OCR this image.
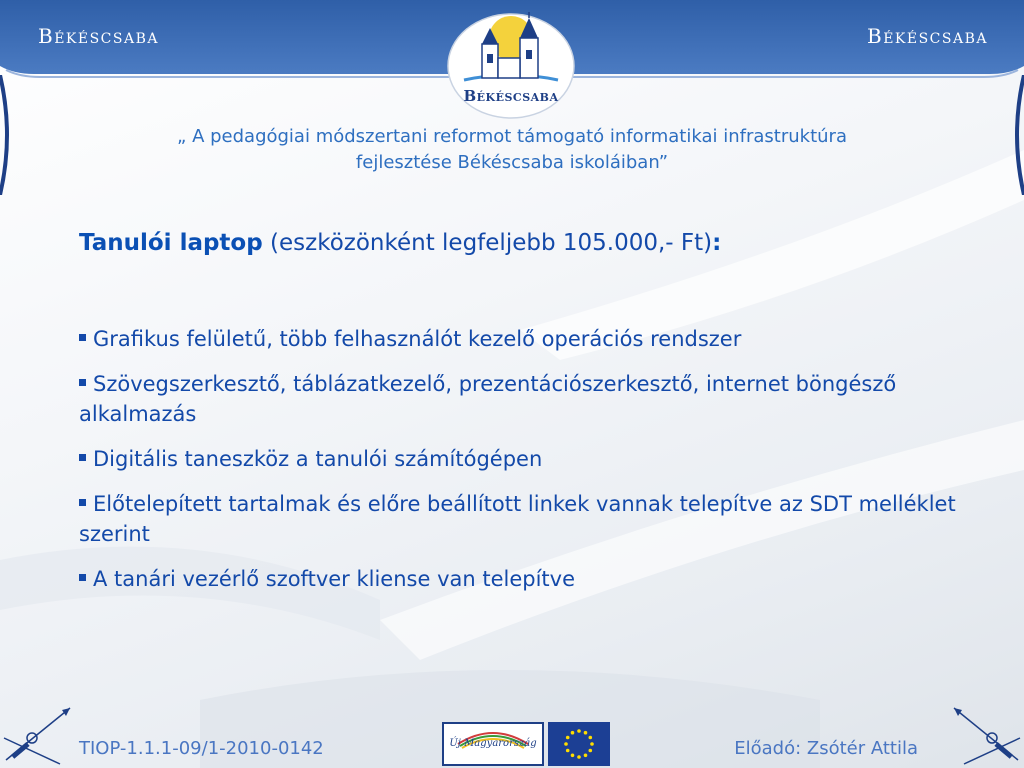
Békéscsaba	Békéscsaba
Békéscsaba
„ A pedagógiai módszertani reformot támogató informatikai infrastruktúra
fejlesztése Békéscsaba iskoláiban”
Tanulói laptop (eszközönként legfeljebb 105.000,- Ft):
Grafikus felületű, több felhasználót kezelő operációs rendszer
Szövegszerkesztő, táblázatkezelő, prezentációszerkesztő, internet böngésző alkalmazás
Digitális taneszköz a tanulói számítógépen
Előtelepített tartalmak és előre beállított linkek vannak telepítve az SDT melléklet szerint
A tanári vezérlő szoftver kliense van telepítve
TIOP-1.1.1-09/1-2010-0142	Előadó: Zsótér Attila
Új Magyarország
